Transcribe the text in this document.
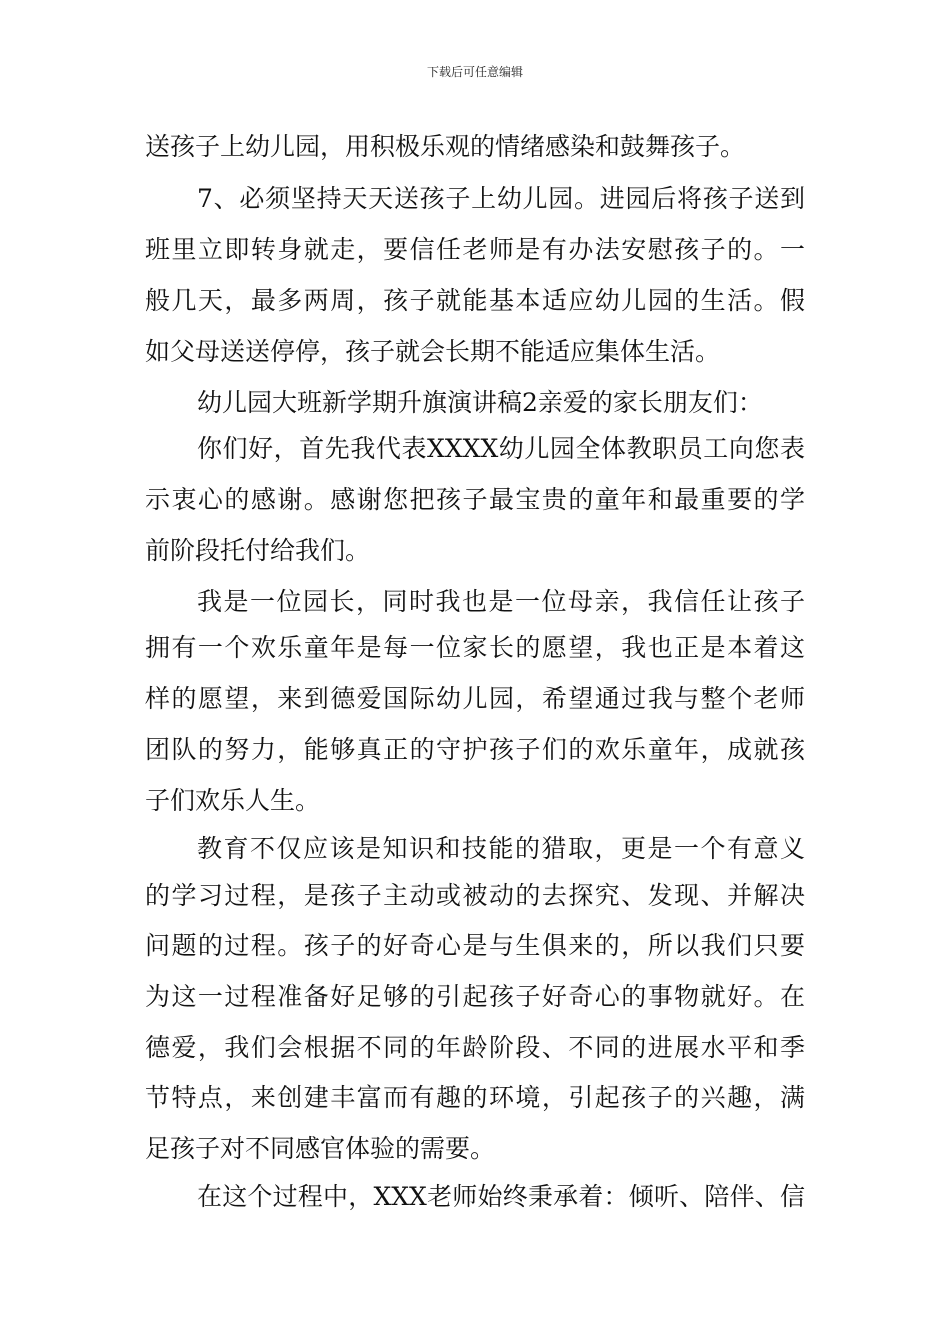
下载后可任意编辑
送孩子上幼儿园，用积极乐观的情绪感染和鼓舞孩子。
7、必须坚持天天送孩子上幼儿园。进园后将孩子送到
班里立即转身就走，要信任老师是有办法安慰孩子的。一
般几天，最多两周，孩子就能基本适应幼儿园的生活。假
如父母送送停停，孩子就会长期不能适应集体生活。
幼儿园大班新学期升旗演讲稿2亲爱的家长朋友们：
你们好，首先我代表XXXX幼儿园全体教职员工向您表
示衷心的感谢。感谢您把孩子最宝贵的童年和最重要的学
前阶段托付给我们。
我是一位园长，同时我也是一位母亲，我信任让孩子
拥有一个欢乐童年是每一位家长的愿望，我也正是本着这
样的愿望，来到德爱国际幼儿园，希望通过我与整个老师
团队的努力，能够真正的守护孩子们的欢乐童年，成就孩
子们欢乐人生。
教育不仅应该是知识和技能的猎取，更是一个有意义
的学习过程，是孩子主动或被动的去探究、发现、并解决
问题的过程。孩子的好奇心是与生俱来的，所以我们只要
为这一过程准备好足够的引起孩子好奇心的事物就好。在
德爱，我们会根据不同的年龄阶段、不同的进展水平和季
节特点，来创建丰富而有趣的环境，引起孩子的兴趣，满
足孩子对不同感官体验的需要。
在这个过程中，XXX老师始终秉承着：倾听、陪伴、信
